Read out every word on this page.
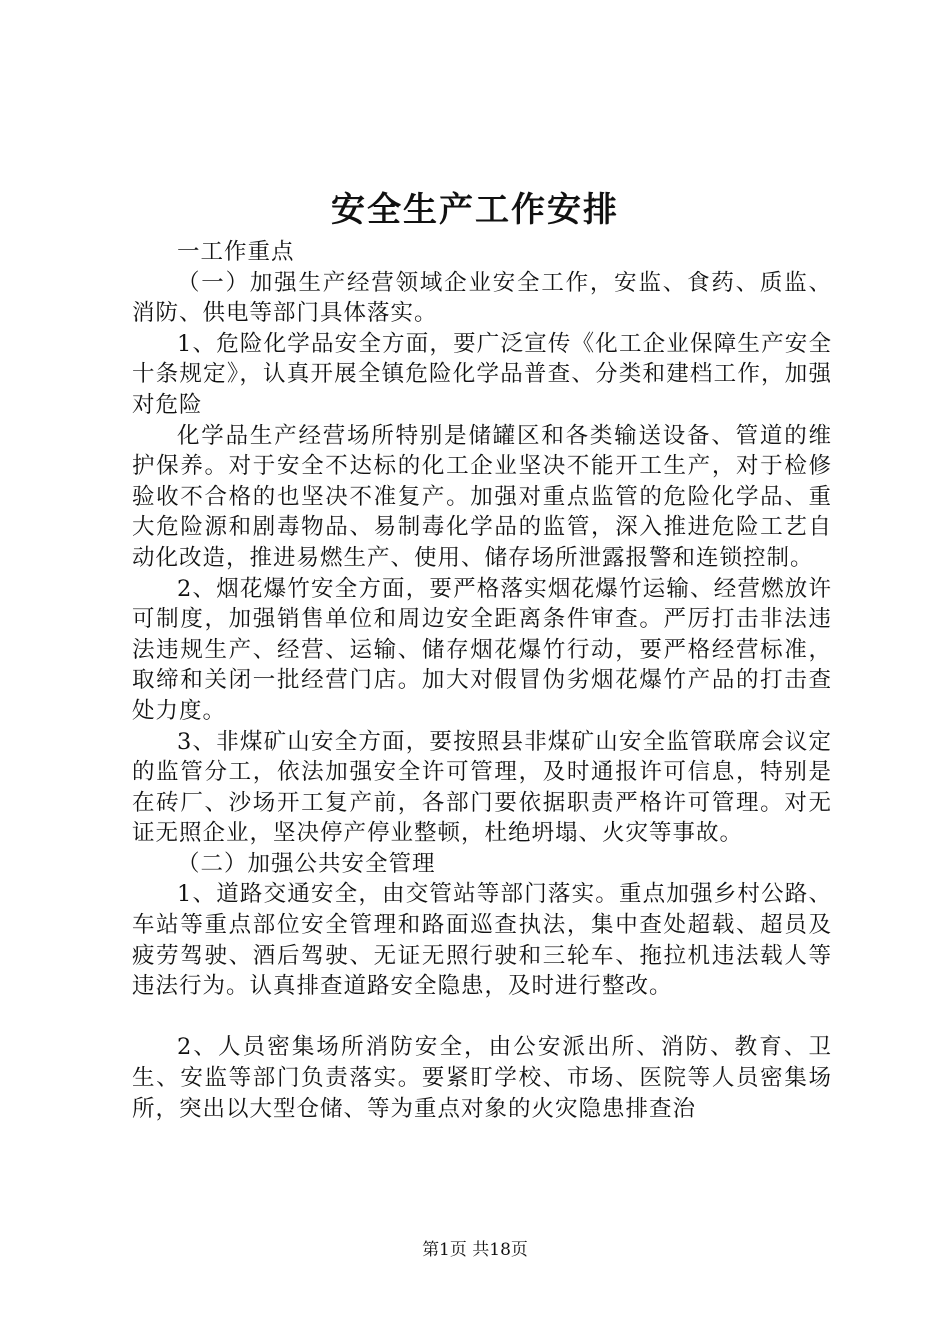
安全生产工作安排

一工作重点

（一）加强生产经营领域企业安全工作，安监、食药、质监、消防、供电等部门具体落实。

1、危险化学品安全方面，要广泛宣传《化工企业保障生产安全十条规定》，认真开展全镇危险化学品普查、分类和建档工作，加强对危险

化学品生产经营场所特别是储罐区和各类输送设备、管道的维护保养。对于安全不达标的化工企业坚决不能开工生产，对于检修验收不合格的也坚决不准复产。加强对重点监管的危险化学品、重大危险源和剧毒物品、易制毒化学品的监管，深入推进危险工艺自动化改造，推进易燃生产、使用、储存场所泄露报警和连锁控制。

2、烟花爆竹安全方面，要严格落实烟花爆竹运输、经营燃放许可制度，加强销售单位和周边安全距离条件审查。严厉打击非法违法违规生产、经营、运输、储存烟花爆竹行动，要严格经营标准，取缔和关闭一批经营门店。加大对假冒伪劣烟花爆竹产品的打击查处力度。

3、非煤矿山安全方面，要按照县非煤矿山安全监管联席会议定的监管分工，依法加强安全许可管理，及时通报许可信息，特别是在砖厂、沙场开工复产前，各部门要依据职责严格许可管理。对无证无照企业，坚决停产停业整顿，杜绝坍塌、火灾等事故。

（二）加强公共安全管理

1、道路交通安全，由交管站等部门落实。重点加强乡村公路、车站等重点部位安全管理和路面巡查执法，集中查处超载、超员及疲劳驾驶、酒后驾驶、无证无照行驶和三轮车、拖拉机违法载人等违法行为。认真排查道路安全隐患，及时进行整改。

2、人员密集场所消防安全，由公安派出所、消防、教育、卫生、安监等部门负责落实。要紧盯学校、市场、医院等人员密集场所，突出以大型仓储、等为重点对象的火灾隐患排查治

第1页 共18页
